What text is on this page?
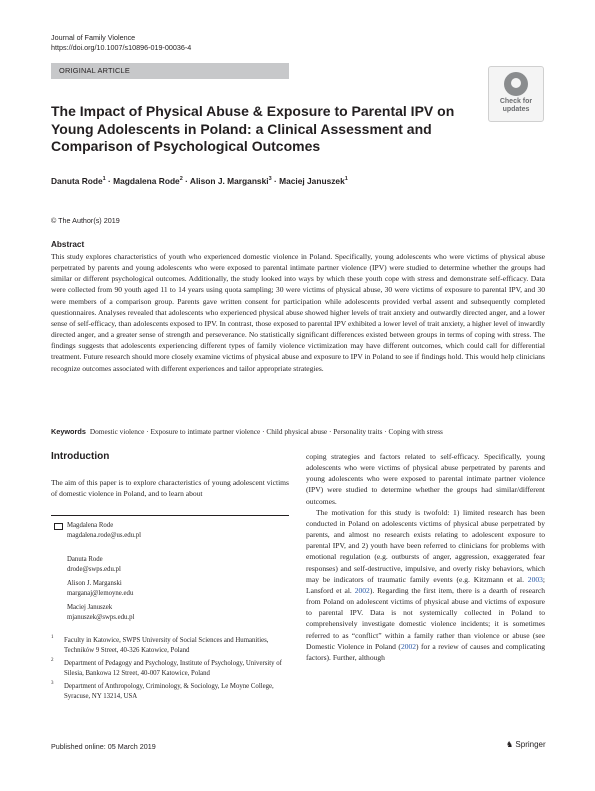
Journal of Family Violence
https://doi.org/10.1007/s10896-019-00036-4
ORIGINAL ARTICLE
Check for
updates
The Impact of Physical Abuse & Exposure to Parental IPV on Young Adolescents in Poland: a Clinical Assessment and Comparison of Psychological Outcomes
Danuta Rode$^1$ · Magdalena Rode$^2$ · Alison J. Marganski$^3$ · Maciej Januszek$^1$
© The Author(s) 2019
Abstract
This study explores characteristics of youth who experienced domestic violence in Poland. Specifically, young adolescents who were victims of physical abuse perpetrated by parents and young adolescents who were exposed to parental intimate partner violence (IPV) were studied to determine whether the groups had similar or different psychological outcomes. Additionally, the study looked into ways by which these youth cope with stress and demonstrate self-efficacy. Data were collected from 90 youth aged 11 to 14 years using quota sampling; 30 were victims of physical abuse, 30 were victims of exposure to parental IPV, and 30 were members of a comparison group. Parents gave written consent for participation while adolescents provided verbal assent and subsequently completed questionnaires. Analyses revealed that adolescents who experienced physical abuse showed higher levels of trait anxiety and outwardly directed anger, and a lower sense of self-efficacy, than adolescents exposed to IPV. In contrast, those exposed to parental IPV exhibited a lower level of trait anxiety, a higher level of inwardly directed anger, and a greater sense of strength and perseverance. No statistically significant differences existed between groups in terms of coping with stress. The findings suggests that adolescents experiencing different types of family violence victimization may have different outcomes, which could call for differential treatment. Future research should more closely examine victims of physical abuse and exposure to IPV in Poland to see if findings hold. This would help clinicians recognize outcomes associated with different experiences and tailor appropriate strategies.
Keywords Domestic violence · Exposure to intimate partner violence · Child physical abuse · Personality traits · Coping with stress
Introduction
The aim of this paper is to explore characteristics of young adolescent victims of domestic violence in Poland, and to learn about
Magdalena Rode
magdalena.rode@us.edu.pl
Danuta Rode
drode@swps.edu.pl
Alison J. Marganski
marganaj@lemoyne.edu
Maciej Januszek
mjanuszek@swps.edu.pl
1 Faculty in Katowice, SWPS University of Social Sciences and Humanities, Techników 9 Street, 40-326 Katowice, Poland
2 Department of Pedagogy and Psychology, Institute of Psychology, University of Silesia, Bankowa 12 Street, 40-007 Katowice, Poland
3 Department of Anthropology, Criminology, & Sociology, Le Moyne College, Syracuse, NY 13214, USA

coping strategies and factors related to self-efficacy. Specifically, young adolescents who were victims of physical abuse perpetrated by parents and young adolescents who were exposed to parental intimate partner violence (IPV) were studied to determine whether the groups had similar/different outcomes.

The motivation for this study is twofold: 1) limited research has been conducted in Poland on adolescents victims of physical abuse perpetrated by parents, and almost no research exists relating to adolescent exposure to parental IPV, and 2) youth have been referred to clinicians for problems with emotional regulation (e.g. outbursts of anger, aggression, exaggerated fear responses) and self-destructive, impulsive, and overly risky behaviors, which may be indicators of traumatic family events (e.g. Kitzmann et al. 2003; Lansford et al. 2002). Regarding the first item, there is a dearth of research from Poland on adolescent victims of physical abuse and victims of exposure to parental IPV. Data is not systemically collected in Poland to comprehensively investigate domestic violence incidents; it is sometimes referred to as “conflict” within a family rather than violence or abuse (see Domestic Violence in Poland (2002) for a review of causes and complicating factors). Further, although

Published online: 05 March 2019	♞ Springer
